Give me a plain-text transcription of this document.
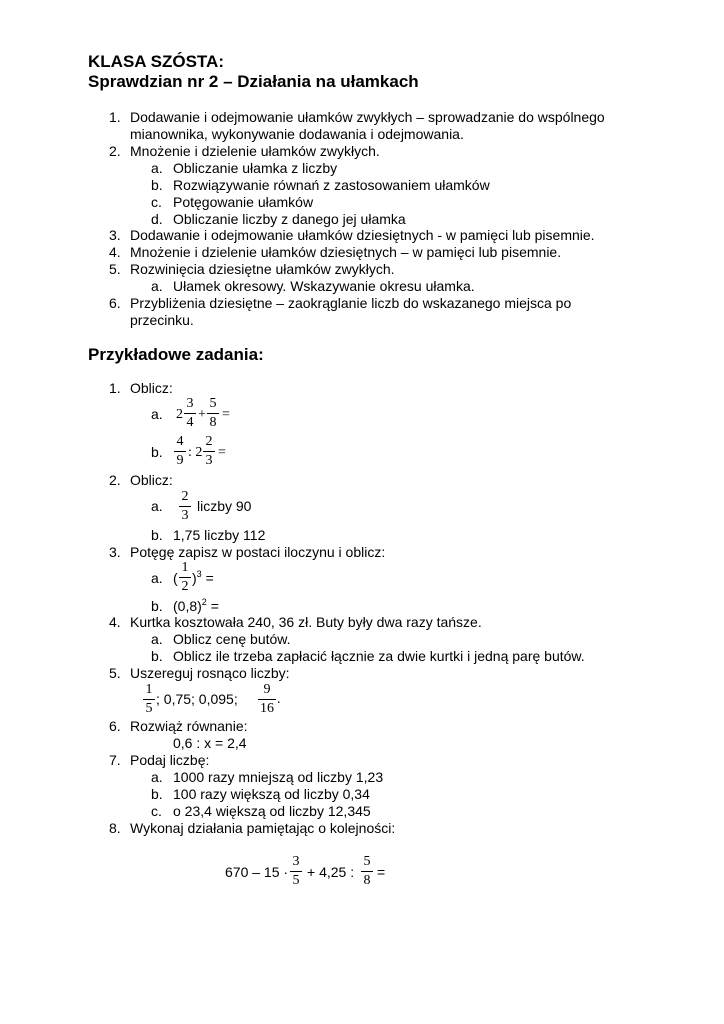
KLASA SZÓSTA:
Sprawdzian nr 2 – Działania na ułamkach
1. Dodawanie i odejmowanie ułamków zwykłych – sprowadzanie do wspólnego
mianownika, wykonywanie dodawania i odejmowania.
2. Mnożenie i dzielenie ułamków zwykłych.
a. Obliczanie ułamka z liczby
b. Rozwiązywanie równań z zastosowaniem ułamków
c. Potęgowanie ułamków
d. Obliczanie liczby z danego jej ułamka
3. Dodawanie i odejmowanie ułamków dziesiętnych - w pamięci lub pisemnie.
4. Mnożenie i dzielenie ułamków dziesiętnych – w pamięci lub pisemnie.
5. Rozwinięcia dziesiętne ułamków zwykłych.
a. Ułamek okresowy. Wskazywanie okresu ułamka.
6. Przybliżenia dziesiętne – zaokrąglanie liczb do wskazanego miejsca po
przecinku.
Przykładowe zadania:
1. Oblicz:
a. 2
3
4
+
5
8
=
b.
4
9
: 2
2
3
=
2. Oblicz:
a.
2
3
liczby 90
b. 1,75 liczby 112
3. Potęgę zapisz w postaci iloczynu i oblicz:
a. (
1
2
)$^3$ =
b. $(0,8)^2$ =
4. Kurtka kosztowała 240, 36 zł. Buty były dwa razy tańsze.
a. Oblicz cenę butów.
b. Oblicz ile trzeba zapłacić łącznie za dwie kurtki i jedną parę butów.
5. Uszereguj rosnąco liczby:
1
5
; 0,75; 0,095;
9
16
.
6. Rozwiąż równanie:
0,6 : x = 2,4
7. Podaj liczbę:
a. 1000 razy mniejszą od liczby 1,23
b. 100 razy większą od liczby 0,34
c. o 23,4 większą od liczby 12,345
8. Wykonaj działania pamiętając o kolejności:
670 – 15 ·
3
5
+ 4,25 :
5
8
=
